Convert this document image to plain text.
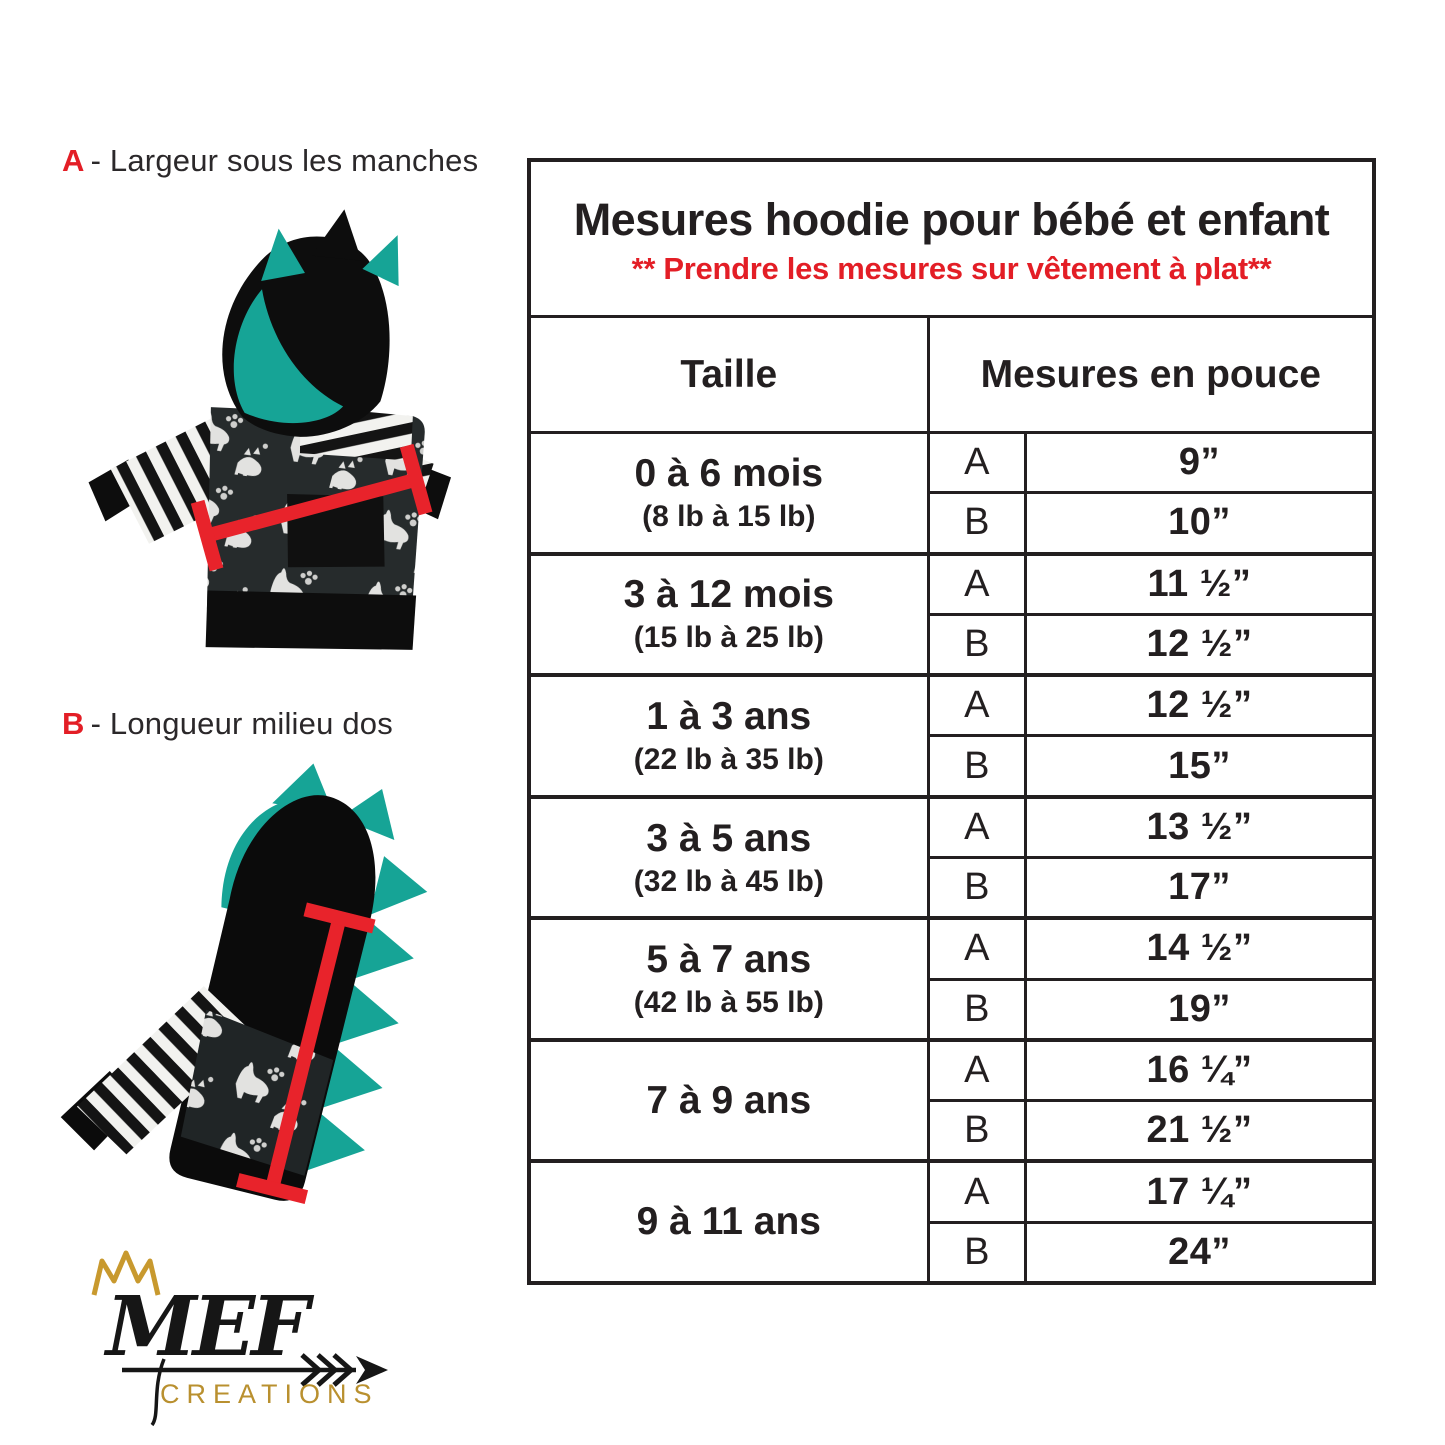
A - Largeur sous les manches
B - Longueur milieu dos
MEF
CREATIONS
Mesures hoodie pour bébé et enfant
** Prendre les mesures sur vêtement à plat**
Taille	Mesures en pouce
0 à 6 mois
(8 lb à 15 lb)
A	9”
B	10”
3 à 12 mois
(15 lb à 25 lb)
A	11 ½”
B	12 ½”
1 à 3 ans
(22 lb à 35 lb)
A	12 ½”
B	15”
3 à 5 ans
(32 lb à 45 lb)
A	13 ½”
B	17”
5 à 7 ans
(42 lb à 55 lb)
A	14 ½”
B	19”
7 à 9 ans
A	16 ¼”
B	21 ½”
9 à 11 ans
A	17 ¼”
B	24”
